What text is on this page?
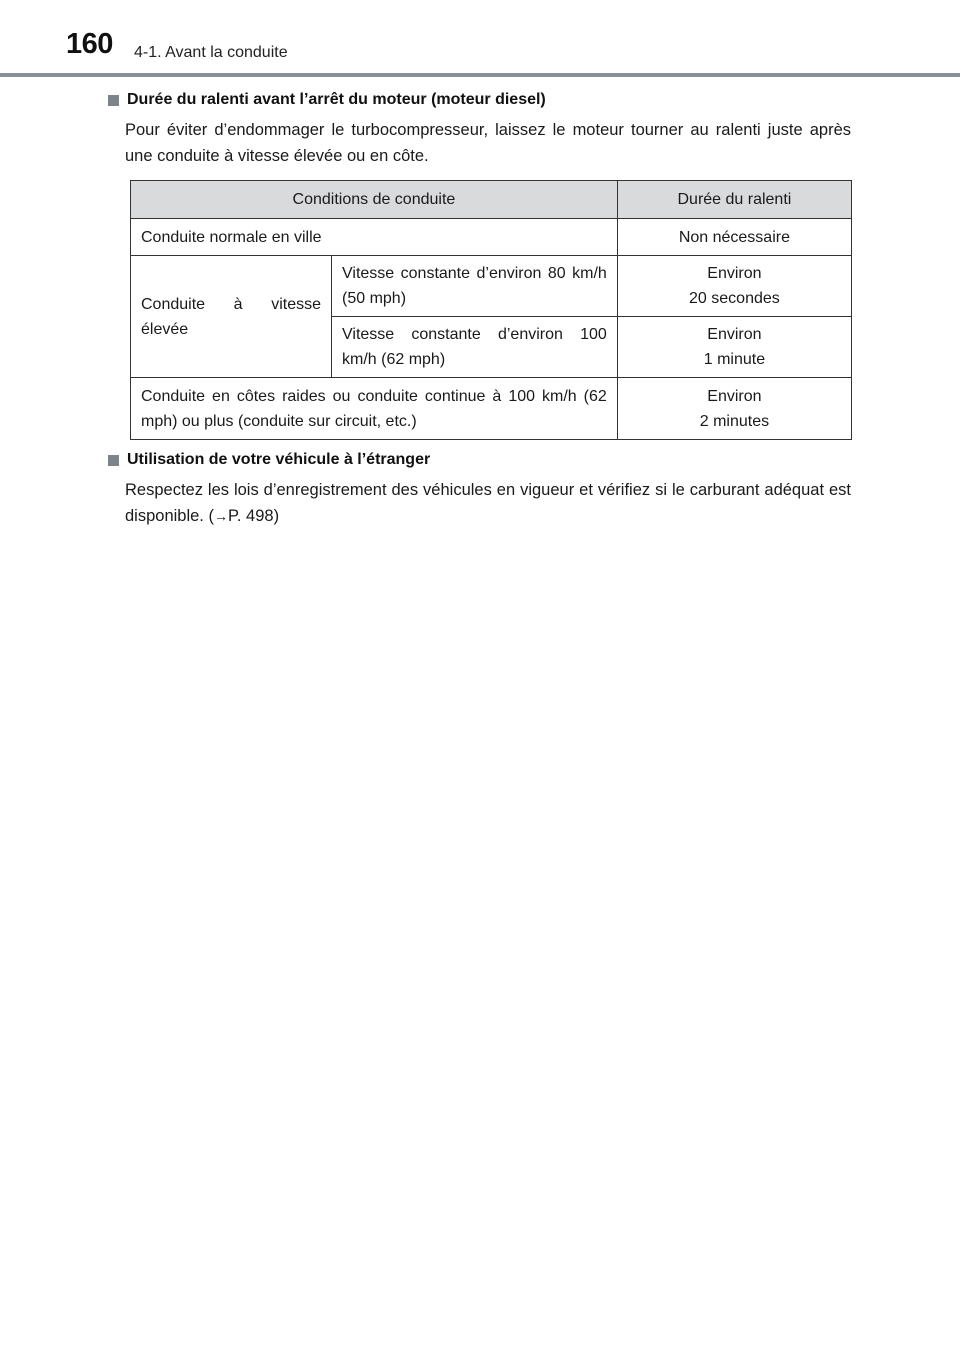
160 4-1. Avant la conduite
Durée du ralenti avant l’arrêt du moteur (moteur diesel)
Pour éviter d’endommager le turbocompresseur, laissez le moteur tourner au ralenti juste après une conduite à vitesse élevée ou en côte.
Conditions de conduite		Durée du ralenti
Conduite normale en ville		Non nécessaire

Conduite à vitesse élevée	Vitesse constante d’environ 80 km/h (50 mph)	Environ
20 secondes

	Vitesse constante d’environ 100 km/h (62 mph)	Environ
1 minute

Conduite en côtes raides ou conduite continue à 100 km/h (62 mph) ou plus (conduite sur circuit, etc.)		Environ
2 minutes
Utilisation de votre véhicule à l’étranger
Respectez les lois d’enregistrement des véhicules en vigueur et vérifiez si le carburant adéquat est disponible. (→P. 498)
